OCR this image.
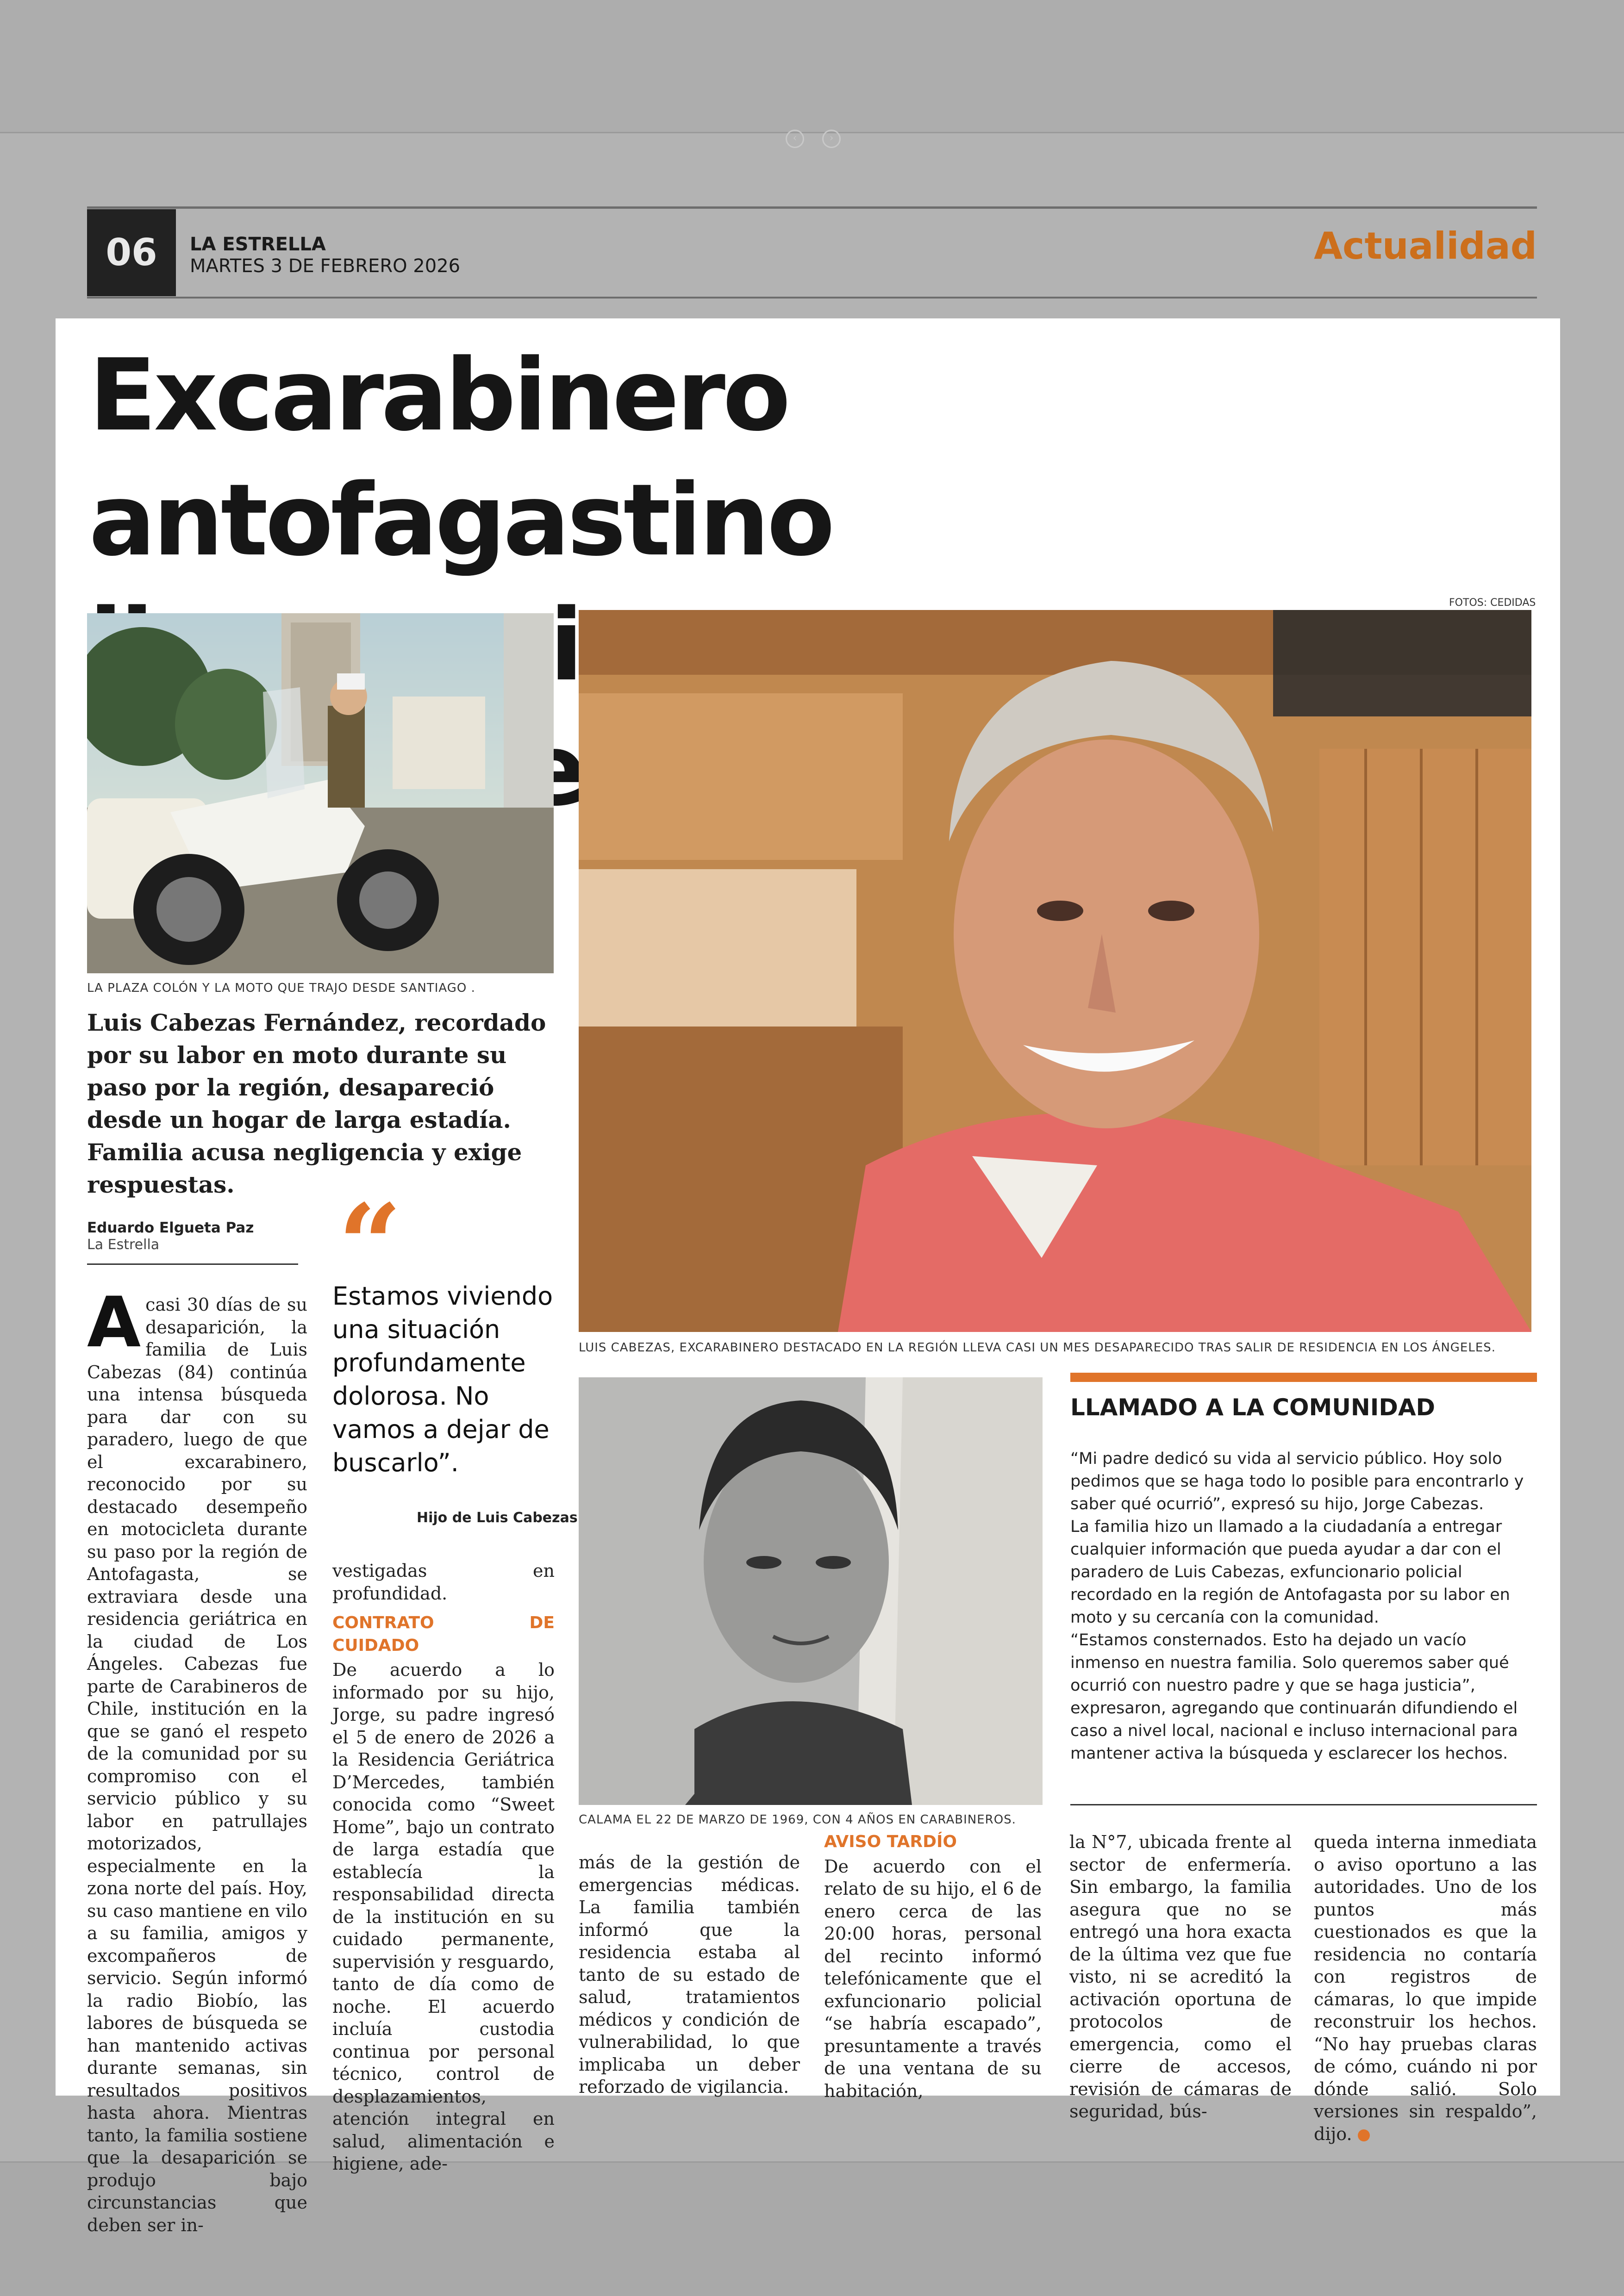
‹	›
06	LA ESTRELLA
MARTES 3 DE FEBRERO 2026	Actualidad
Excarabinero antofagastino
FOTOS: CEDIDAS
LA PLAZA COLÓN Y LA MOTO QUE TRAJO DESDE SANTIAGO .
LUIS CABEZAS, EXCARABINERO DESTACADO EN LA REGIÓN LLEVA CASI UN MES DESAPARECIDO TRAS SALIR DE RESIDENCIA EN LOS ÁNGELES.
Luis Cabezas Fernández, recordado por su labor en moto durante su paso por la región, desapareció desde un hogar de larga estadía. Familia acusa negligencia y exige respuestas.
Eduardo Elgueta Paz
La Estrella “
Estamos viviendo una situación profundamente dolorosa. No vamos a dejar de buscarlo”.
Hijo de Luis Cabezas
A casi 30 días de su desaparición, la familia de Luis Cabezas (84) continúa una intensa búsqueda para dar con su paradero, luego de que el excarabinero, reconocido por su destacado desempeño en motocicleta durante su paso por la región de Antofagasta, se extraviara desde una residencia geriátrica en la ciudad de Los Ángeles. Cabezas fue parte de Carabineros de Chile, institución en la que se ganó el respeto de la comunidad por su compromiso con el servicio público y su labor en patrullajes motorizados, especialmente en la zona norte del país. Hoy, su caso mantiene en vilo a su familia, amigos y excompañeros de servicio. Según informó la radio Biobío, las labores de búsqueda se han mantenido activas durante semanas, sin resultados positivos hasta ahora. Mientras tanto, la familia sostiene que la desaparición se produjo bajo circunstancias que deben ser in-

vestigadas en profundidad.

CONTRATO DE CUIDADO

De acuerdo a lo informado por su hijo, Jorge, su padre ingresó el 5 de enero de 2026 a la Residencia Geriátrica D’Mercedes, también conocida como “Sweet Home”, bajo un contrato de larga estadía que establecía la responsabilidad directa de la institución en su cuidado permanente, supervisión y resguardo, tanto de día como de noche. El acuerdo incluía custodia continua por personal técnico, control de desplazamientos, atención integral en salud, alimentación e higiene, ade-

CALAMA EL 22 DE MARZO DE 1969, CON 4 AÑOS EN CARABINEROS.

más de la gestión de emergencias médicas. La familia también informó que la residencia estaba al tanto de su estado de salud, tratamientos médicos y condición de vulnerabilidad, lo que implicaba un deber reforzado de vigilancia.

AVISO TARDÍO

De acuerdo con el relato de su hijo, el 6 de enero cerca de las 20:00 horas, personal del recinto informó telefónicamente que el exfuncionario policial “se habría escapado”, presuntamente a través de una ventana de su habitación,

la N°7, ubicada frente al sector de enfermería. Sin embargo, la familia asegura que no se entregó una hora exacta de la última vez que fue visto, ni se acreditó la activación oportuna de protocolos de emergencia, como el cierre de accesos, revisión de cámaras de seguridad, bús-

queda interna inmediata o aviso oportuno a las autoridades. Uno de los puntos más cuestionados es que la residencia no contaría con registros de cámaras, lo que impide reconstruir los hechos. “No hay pruebas claras de cómo, cuándo ni por dónde salió. Solo versiones sin respaldo”, dijo.

LLAMADO A LA COMUNIDAD

“Mi padre dedicó su vida al servicio público. Hoy solo pedimos que se haga todo lo posible para encontrarlo y saber qué ocurrió”, expresó su hijo, Jorge Cabezas.

La familia hizo un llamado a la ciudadanía a entregar cualquier información que pueda ayudar a dar con el paradero de Luis Cabezas, exfuncionario policial recordado en la región de Antofagasta por su labor en moto y su cercanía con la comunidad.

“Estamos consternados. Esto ha dejado un vacío inmenso en nuestra familia. Solo queremos saber qué ocurrió con nuestro padre y que se haga justicia”, expresaron, agregando que continuarán difundiendo el caso a nivel local, nacional e incluso internacional para mantener activa la búsqueda y esclarecer los hechos.
